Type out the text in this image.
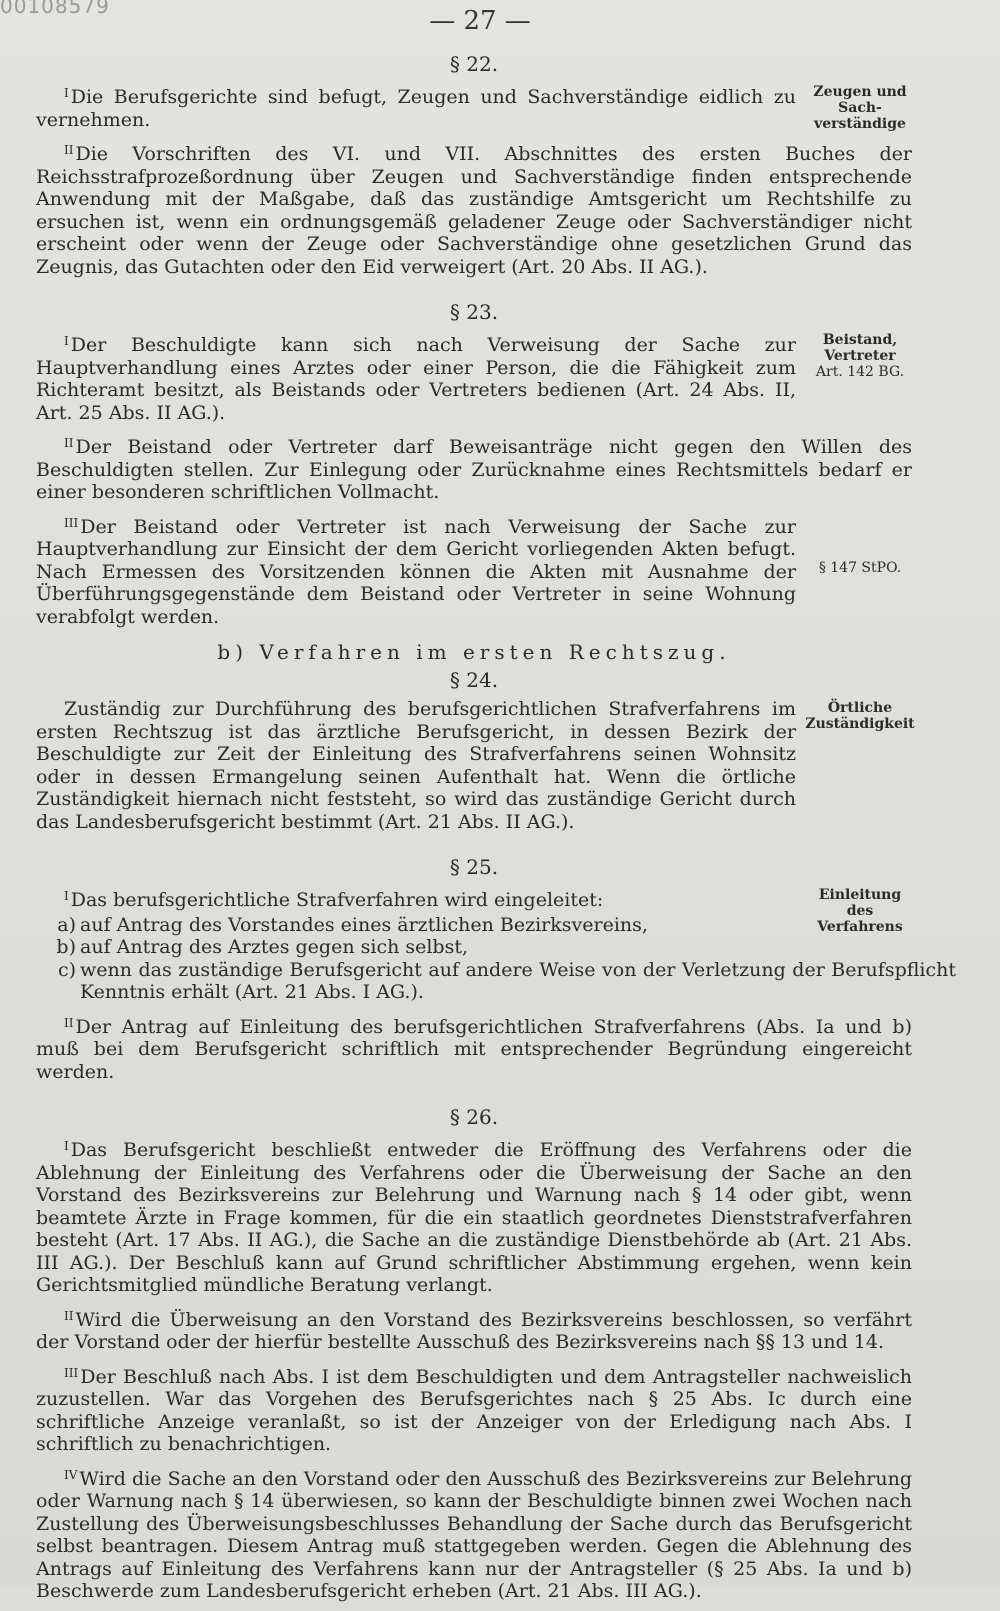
00108579	— 27 —
§ 22.
Zeugen und
Sach-
verständige

$^I$ Die Berufsgerichte sind befugt, Zeugen und Sachverständige eidlich zu vernehmen.

$^{II}$ Die Vorschriften des VI. und VII. Abschnittes des ersten Buches der Reichsstrafprozeßordnung über Zeugen und Sachverständige finden entsprechende Anwendung mit der Maßgabe, daß das zuständige Amtsgericht um Rechtshilfe zu ersuchen ist, wenn ein ordnungsgemäß geladener Zeuge oder Sachverständiger nicht erscheint oder wenn der Zeuge oder Sachverständige ohne gesetzlichen Grund das Zeugnis, das Gutachten oder den Eid verweigert (Art. 20 Abs. II AG.).

§ 23.
Beistand,
Vertreter
Art. 142 BG.

$^I$ Der Beschuldigte kann sich nach Verweisung der Sache zur Hauptverhandlung eines Arztes oder einer Person, die die Fähigkeit zum Richteramt besitzt, als Beistands oder Vertreters bedienen (Art. 24 Abs. II, Art. 25 Abs. II AG.).

$^{II}$ Der Beistand oder Vertreter darf Beweisanträge nicht gegen den Willen des Beschuldigten stellen. Zur Einlegung oder Zurücknahme eines Rechtsmittels bedarf er einer besonderen schriftlichen Vollmacht.

§ 147 StPO.

$^{III}$ Der Beistand oder Vertreter ist nach Verweisung der Sache zur Hauptverhandlung zur Einsicht der dem Gericht vorliegenden Akten befugt. Nach Ermessen des Vorsitzenden können die Akten mit Ausnahme der Überführungsgegenstände dem Beistand oder Vertreter in seine Wohnung verabfolgt werden.

b) Verfahren im ersten Rechtszug.
§ 24.
Örtliche
Zuständigkeit

Zuständig zur Durchführung des berufsgerichtlichen Strafverfahrens im ersten Rechtszug ist das ärztliche Berufsgericht, in dessen Bezirk der Beschuldigte zur Zeit der Einleitung des Strafverfahrens seinen Wohnsitz oder in dessen Ermangelung seinen Aufenthalt hat. Wenn die örtliche Zuständigkeit hiernach nicht feststeht, so wird das zuständige Gericht durch das Landesberufsgericht bestimmt (Art. 21 Abs. II AG.).

§ 25.
Einleitung
des
Verfahrens

$^I$ Das berufsgerichtliche Strafverfahren wird eingeleitet:

a) auf Antrag des Vorstandes eines ärztlichen Bezirksvereins,
b) auf Antrag des Arztes gegen sich selbst,
c) wenn das zuständige Berufsgericht auf andere Weise von der Verletzung der Berufspflicht Kenntnis erhält (Art. 21 Abs. I AG.).

$^{II}$ Der Antrag auf Einleitung des berufsgerichtlichen Strafverfahrens (Abs. Ia und b) muß bei dem Berufsgericht schriftlich mit entsprechender Begründung eingereicht werden.

§ 26.

$^I$ Das Berufsgericht beschließt entweder die Eröffnung des Verfahrens oder die Ablehnung der Einleitung des Verfahrens oder die Überweisung der Sache an den Vorstand des Bezirksvereins zur Belehrung und Warnung nach § 14 oder gibt, wenn beamtete Ärzte in Frage kommen, für die ein staatlich geordnetes Dienststrafverfahren besteht (Art. 17 Abs. II AG.), die Sache an die zuständige Dienstbehörde ab (Art. 21 Abs. III AG.). Der Beschluß kann auf Grund schriftlicher Abstimmung ergehen, wenn kein Gerichtsmitglied mündliche Beratung verlangt.

$^{II}$ Wird die Überweisung an den Vorstand des Bezirksvereins beschlossen, so verfährt der Vorstand oder der hierfür bestellte Ausschuß des Bezirksvereins nach §§ 13 und 14.

$^{III}$ Der Beschluß nach Abs. I ist dem Beschuldigten und dem Antragsteller nachweislich zuzustellen. War das Vorgehen des Berufsgerichtes nach § 25 Abs. Ic durch eine schriftliche Anzeige veranlaßt, so ist der Anzeiger von der Erledigung nach Abs. I schriftlich zu benachrichtigen.

$^{IV}$ Wird die Sache an den Vorstand oder den Ausschuß des Bezirksvereins zur Belehrung oder Warnung nach § 14 überwiesen, so kann der Beschuldigte binnen zwei Wochen nach Zustellung des Überweisungsbeschlusses Behandlung der Sache durch das Berufsgericht selbst beantragen. Diesem Antrag muß stattgegeben werden. Gegen die Ablehnung des Antrags auf Einleitung des Verfahrens kann nur der Antragsteller (§ 25 Abs. Ia und b) Beschwerde zum Landesberufsgericht erheben (Art. 21 Abs. III AG.).
